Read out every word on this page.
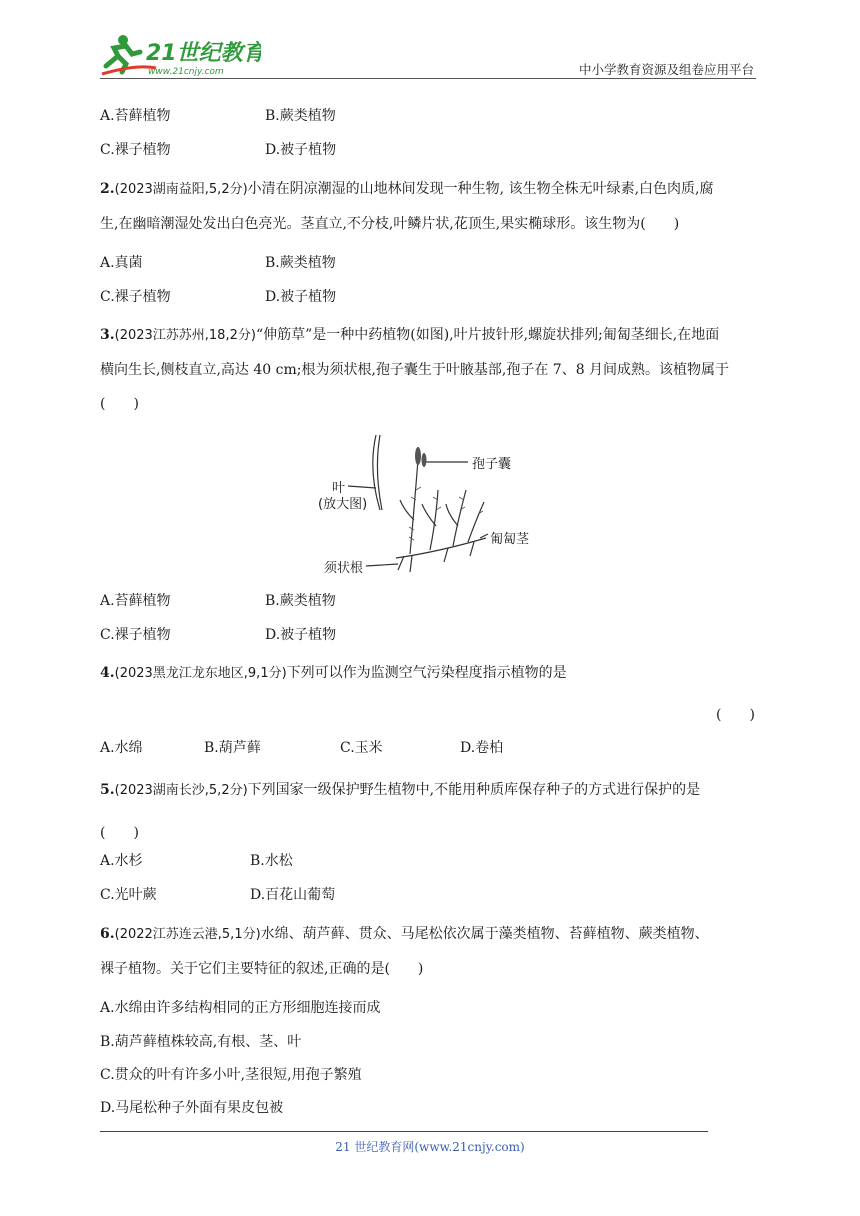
21世纪教育
www.21cnjy.com	中小学教育资源及组卷应用平台
A.苔藓植物	B.蕨类植物
C.裸子植物	D.被子植物
2.(2023湖南益阳,5,2分)小清在阴凉潮湿的山地林间发现一种生物, 该生物全株无叶绿素,白色肉质,腐
生,在幽暗潮湿处发出白色亮光。茎直立,不分枝,叶鳞片状,花顶生,果实椭球形。该生物为(　　)
A.真菌	B.蕨类植物
C.裸子植物	D.被子植物
3.(2023江苏苏州,18,2分)“伸筋草”是一种中药植物(如图),叶片披针形,螺旋状排列;匍匐茎细长,在地面
横向生长,侧枝直立,高达 40 cm;根为须状根,孢子囊生于叶腋基部,孢子在 7、8 月间成熟。该植物属于
(　　)
孢子囊
叶
(放大图)
匍匐茎
须状根
A.苔藓植物	B.蕨类植物
C.裸子植物	D.被子植物
4.(2023黑龙江龙东地区,9,1分)下列可以作为监测空气污染程度指示植物的是
(　　)
A.水绵	B.葫芦藓	C.玉米	D.卷柏
5.(2023湖南长沙,5,2分)下列国家一级保护野生植物中,不能用种质库保存种子的方式进行保护的是
(　　)
A.水杉	B.水松
C.光叶蕨	D.百花山葡萄
6.(2022江苏连云港,5,1分)水绵、葫芦藓、贯众、马尾松依次属于藻类植物、苔藓植物、蕨类植物、
裸子植物。关于它们主要特征的叙述,正确的是(　　)
A.水绵由许多结构相同的正方形细胞连接而成
B.葫芦藓植株较高,有根、茎、叶
C.贯众的叶有许多小叶,茎很短,用孢子繁殖
D.马尾松种子外面有果皮包被
21 世纪教育网(www.21cnjy.com)
